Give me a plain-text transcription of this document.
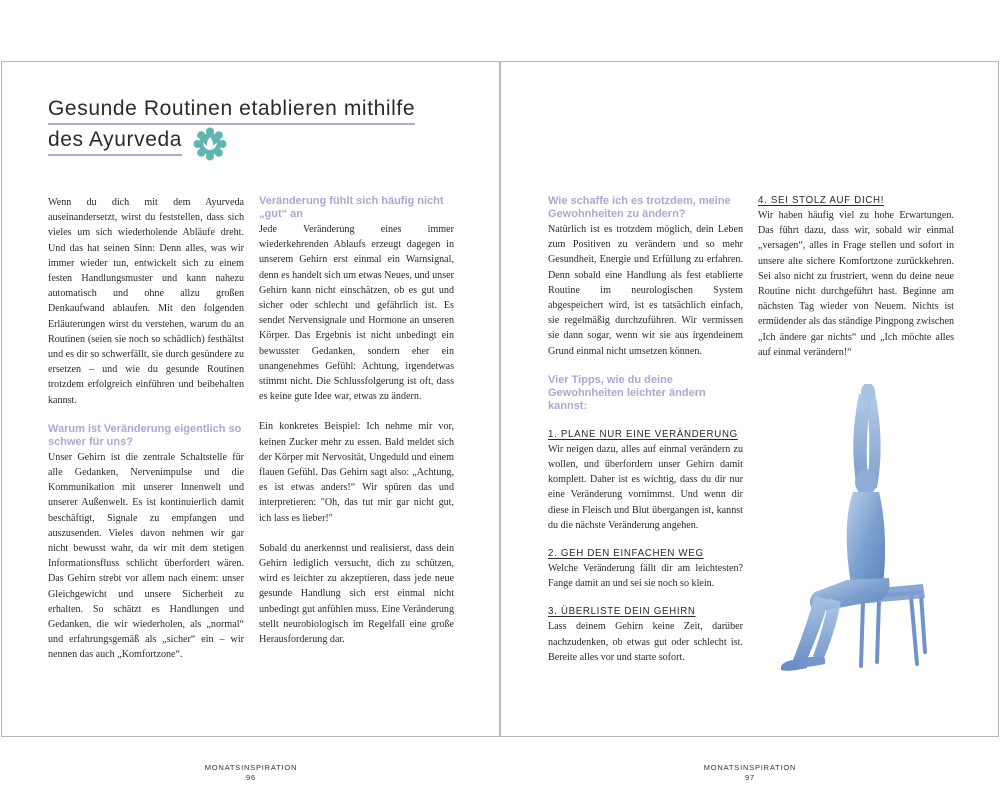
Gesunde Routinen etablieren mithilfe
des Ayurveda

Wenn du dich mit dem Ayurveda auseinandersetzt, wirst du feststellen, dass sich vieles um sich wiederholende Abläufe dreht. Und das hat seinen Sinn: Denn alles, was wir immer wieder tun, entwickelt sich zu einem festen Handlungsmuster und kann nahezu automatisch und ohne allzu großen Denkaufwand ablaufen. Mit den folgenden Erläuterungen wirst du verstehen, warum du an Routinen (seien sie noch so schädlich) festhältst und es dir so schwerfällt, sie durch gesündere zu ersetzen – und wie du gesunde Routinen trotzdem erfolgreich einführen und beibehalten kannst.

Warum ist Veränderung eigentlich so schwer für uns?

Unser Gehirn ist die zentrale Schaltstelle für alle Gedanken, Nervenimpulse und die Kommunikation mit unserer Innenwelt und unserer Außenwelt. Es ist kontinuierlich damit beschäftigt, Signale zu empfangen und auszusenden. Vieles davon nehmen wir gar nicht bewusst wahr, da wir mit dem stetigen Informationsfluss schlicht überfordert wären. Das Gehirn strebt vor allem nach einem: unser Gleichgewicht und unsere Sicherheit zu erhalten. So schätzt es Handlungen und Gedanken, die wir wiederholen, als „normal“ und erfahrungsgemäß als „sicher“ ein – wir nennen das auch „Komfortzone“.

Veränderung fühlt sich häufig nicht „gut“ an

Jede Veränderung eines immer wiederkehrenden Ablaufs erzeugt dagegen in unserem Gehirn erst einmal ein Warnsignal, denn es handelt sich um etwas Neues, und unser Gehirn kann nicht einschätzen, ob es gut und sicher oder schlecht und gefährlich ist. Es sendet Nervensignale und Hormone an unseren Körper. Das Ergebnis ist nicht unbedingt ein bewusster Gedanken, sondern eher ein unangenehmes Gefühl: Achtung, irgendetwas stimmt nicht. Die Schlussfolgerung ist oft, dass es keine gute Idee war, etwas zu ändern.

Ein konkretes Beispiel: Ich nehme mir vor, keinen Zucker mehr zu essen. Bald meldet sich der Körper mit Nervosität, Ungeduld und einem flauen Gefühl. Das Gehirn sagt also: „Achtung, es ist etwas anders!“ Wir spüren das und interpretieren: "Oh, das tut mir gar nicht gut, ich lass es lieber!"

Sobald du anerkennst und realisierst, dass dein Gehirn lediglich versucht, dich zu schützen, wird es leichter zu akzeptieren, dass jede neue gesunde Handlung sich erst einmal nicht unbedingt gut anfühlen muss. Eine Veränderung stellt neurobiologisch im Regelfall eine große Herausforderung dar.

MONATSINSPIRATION
96
Wie schaffe ich es trotzdem, meine Gewohnheiten zu ändern?

Natürlich ist es trotzdem möglich, dein Leben zum Positiven zu verändern und so mehr Gesundheit, Energie und Erfüllung zu erfahren. Denn sobald eine Handlung als fest etablierte Routine im neurologischen System abgespeichert wird, ist es tatsächlich einfach, sie regelmäßig durchzuführen. Wir vermissen sie dann sogar, wenn wir sie aus irgendeinem Grund einmal nicht umsetzen können.

Vier Tipps, wie du deine Gewohnheiten leichter ändern kannst:
1. PLANE NUR EINE VERÄNDERUNG

Wir neigen dazu, alles auf einmal verändern zu wollen, und überfordern unser Gehirn damit komplett. Daher ist es wichtig, dass du dir nur eine Veränderung vornimmst. Und wenn dir diese in Fleisch und Blut übergangen ist, kannst du die nächste Veränderung angehen.

2. GEH DEN EINFACHEN WEG

Welche Veränderung fällt dir am leichtesten? Fange damit an und sei sie noch so klein.

3. ÜBERLISTE DEIN GEHIRN

Lass deinem Gehirn keine Zeit, darüber nachzudenken, ob etwas gut oder schlecht ist. Bereite alles vor und starte sofort.

4. SEI STOLZ AUF DICH!

Wir haben häufig viel zu hohe Erwartungen. Das führt dazu, dass wir, sobald wir einmal „versagen“, alles in Frage stellen und sofort in unsere alte sichere Komfortzone zurückkehren. Sei also nicht zu frustriert, wenn du deine neue Routine nicht durchgeführt hast. Beginne am nächsten Tag wieder von Neuem. Nichts ist ermüdender als das ständige Pingpong zwischen „Ich ändere gar nichts“ und „Ich möchte alles auf einmal verändern!“

MONATSINSPIRATION
97
